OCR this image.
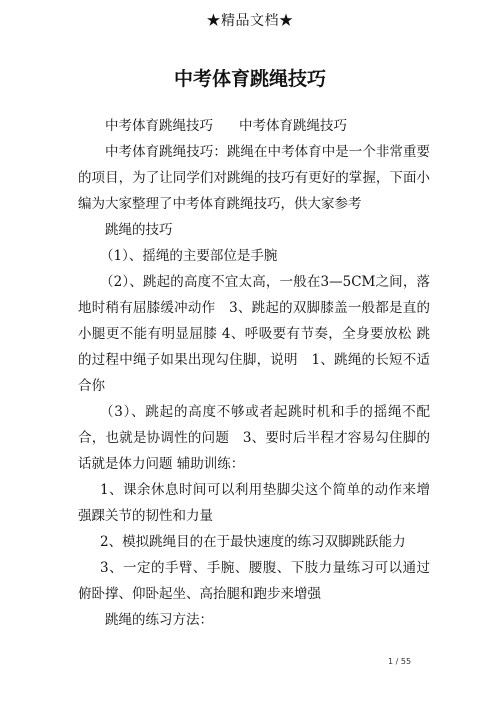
★精品文档★
中考体育跳绳技巧

中考体育跳绳技巧 中考体育跳绳技巧

中考体育跳绳技巧：跳绳在中考体育中是一个非常重要的项目，为了让同学们对跳绳的技巧有更好的掌握，下面小编为大家整理了中考体育跳绳技巧，供大家参考

跳绳的技巧

（1）、摇绳的主要部位是手腕

（2）、跳起的高度不宜太高，一般在3—5CM之间，落地时稍有屈膝缓冲动作　3、跳起的双脚膝盖一般都是直的小腿更不能有明显屈膝 4、呼吸要有节奏，全身要放松 跳的过程中绳子如果出现勾住脚，说明　1、跳绳的长短不适合你

（3）、跳起的高度不够或者起跳时机和手的摇绳不配合，也就是协调性的问题　3、要时后半程才容易勾住脚的话就是体力问题 辅助训练：

1、课余休息时间可以利用垫脚尖这个简单的动作来增强踝关节的韧性和力量

2、模拟跳绳目的在于最快速度的练习双脚跳跃能力

3、一定的手臂、手腕、腰腹、下肢力量练习可以通过俯卧撑、仰卧起坐、高抬腿和跑步来增强

跳绳的练习方法：

1 / 55
